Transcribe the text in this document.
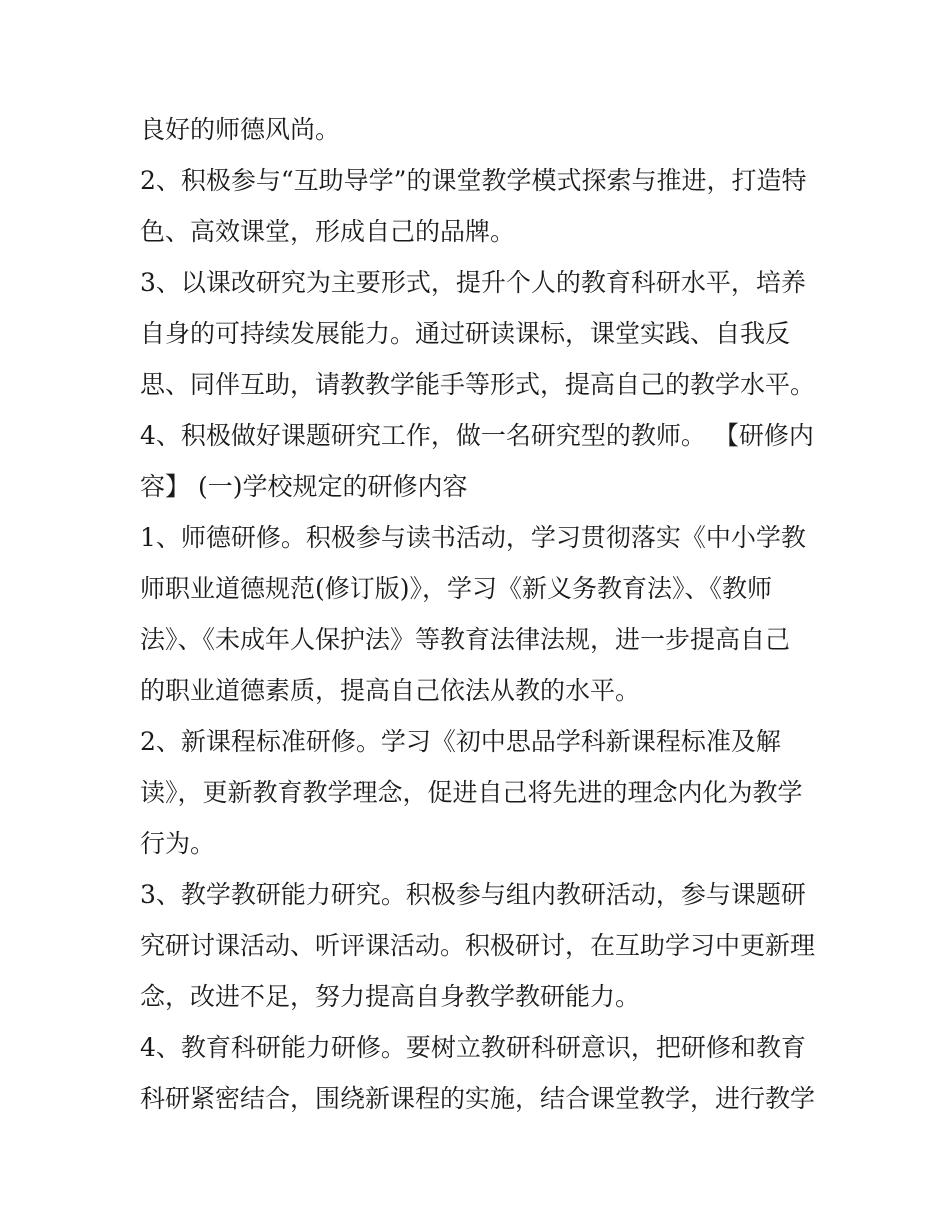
良好的师德风尚。
2、积极参与“互助导学”的课堂教学模式探索与推进，打造特
色、高效课堂，形成自己的品牌。
3、以课改研究为主要形式，提升个人的教育科研水平，培养
自身的可持续发展能力。通过研读课标，课堂实践、自我反
思、同伴互助，请教教学能手等形式，提高自己的教学水平。
4、积极做好课题研究工作，做一名研究型的教师。 【研修内
容】 (一)学校规定的研修内容
1、师德研修。积极参与读书活动，学习贯彻落实《中小学教
师职业道德规范(修订版)》，学习《新义务教育法》、《教师
法》、《未成年人保护法》等教育法律法规，进一步提高自己
的职业道德素质，提高自己依法从教的水平。
2、新课程标准研修。学习《初中思品学科新课程标准及解
读》，更新教育教学理念，促进自己将先进的理念内化为教学
行为。
3、教学教研能力研究。积极参与组内教研活动，参与课题研
究研讨课活动、听评课活动。积极研讨，在互助学习中更新理
念，改进不足，努力提高自身教学教研能力。
4、教育科研能力研修。要树立教研科研意识，把研修和教育
科研紧密结合，围绕新课程的实施，结合课堂教学，进行教学
